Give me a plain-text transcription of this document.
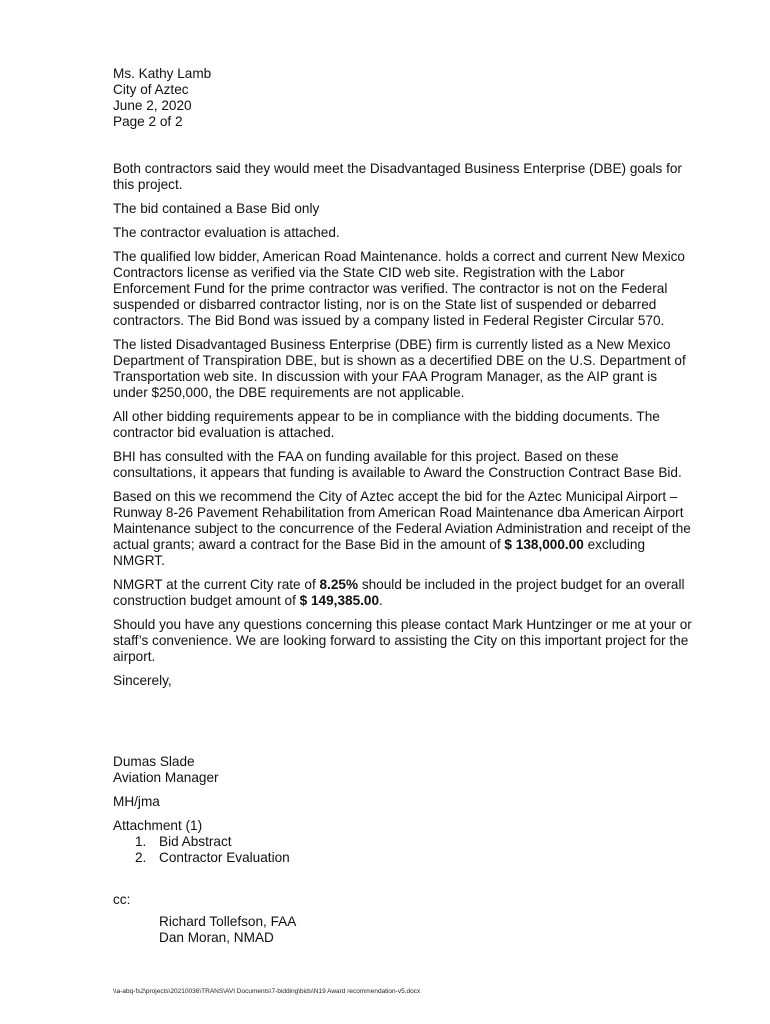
Ms. Kathy Lamb
City of Aztec
June 2, 2020
Page 2 of 2

Both contractors said they would meet the Disadvantaged Business Enterprise (DBE) goals for
this project.

The bid contained a Base Bid only

The contractor evaluation is attached.

The qualified low bidder, American Road Maintenance. holds a correct and current New Mexico
Contractors license as verified via the State CID web site. Registration with the Labor
Enforcement Fund for the prime contractor was verified. The contractor is not on the Federal
suspended or disbarred contractor listing, nor is on the State list of suspended or debarred
contractors. The Bid Bond was issued by a company listed in Federal Register Circular 570.

The listed Disadvantaged Business Enterprise (DBE) firm is currently listed as a New Mexico
Department of Transpiration DBE, but is shown as a decertified DBE on the U.S. Department of
Transportation web site. In discussion with your FAA Program Manager, as the AIP grant is
under $250,000, the DBE requirements are not applicable.

All other bidding requirements appear to be in compliance with the bidding documents. The
contractor bid evaluation is attached.

BHI has consulted with the FAA on funding available for this project. Based on these
consultations, it appears that funding is available to Award the Construction Contract Base Bid.

Based on this we recommend the City of Aztec accept the bid for the Aztec Municipal Airport –
Runway 8-26 Pavement Rehabilitation from American Road Maintenance dba American Airport
Maintenance subject to the concurrence of the Federal Aviation Administration and receipt of the
actual grants; award a contract for the Base Bid in the amount of $ 138,000.00 excluding
NMGRT.

NMGRT at the current City rate of 8.25% should be included in the project budget for an overall
construction budget amount of $ 149,385.00.

Should you have any questions concerning this please contact Mark Huntzinger or me at your or
staff’s convenience. We are looking forward to assisting the City on this important project for the
airport.

Sincerely,
Dumas Slade
Aviation Manager
MH/jma
Attachment (1)
1. Bid Abstract
2. Contractor Evaluation
cc:
Richard Tollefson, FAA
Dan Moran, NMAD
\\a-abq-fs2\projects\20210036\TRANS\AVI Documents\7-bidding\bids\N19 Award recommendation-v5.docx
